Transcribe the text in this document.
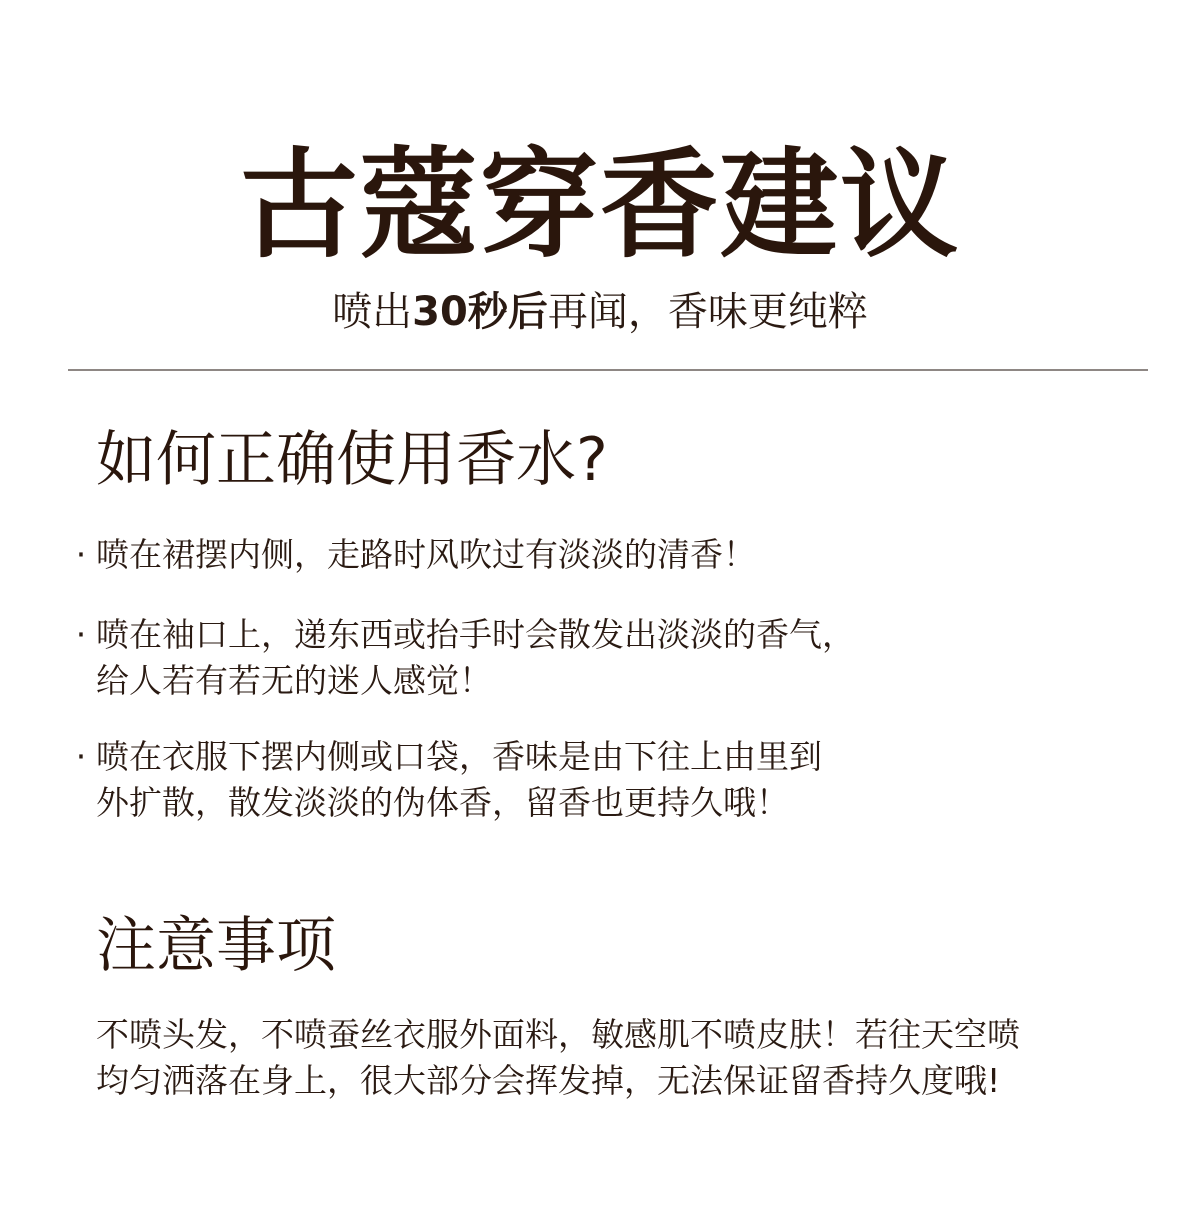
古蔻穿香建议
喷出30秒后再闻，香味更纯粹
如何正确使用香水?
· 喷在裙摆内侧，走路时风吹过有淡淡的清香！
· 喷在袖口上，递东西或抬手时会散发出淡淡的香气，
给人若有若无的迷人感觉！
· 喷在衣服下摆内侧或口袋，香味是由下往上由里到
外扩散，散发淡淡的伪体香，留香也更持久哦！
注意事项
不喷头发，不喷蚕丝衣服外面料，敏感肌不喷皮肤！若往天空喷
均匀洒落在身上，很大部分会挥发掉，无法保证留香持久度哦!
